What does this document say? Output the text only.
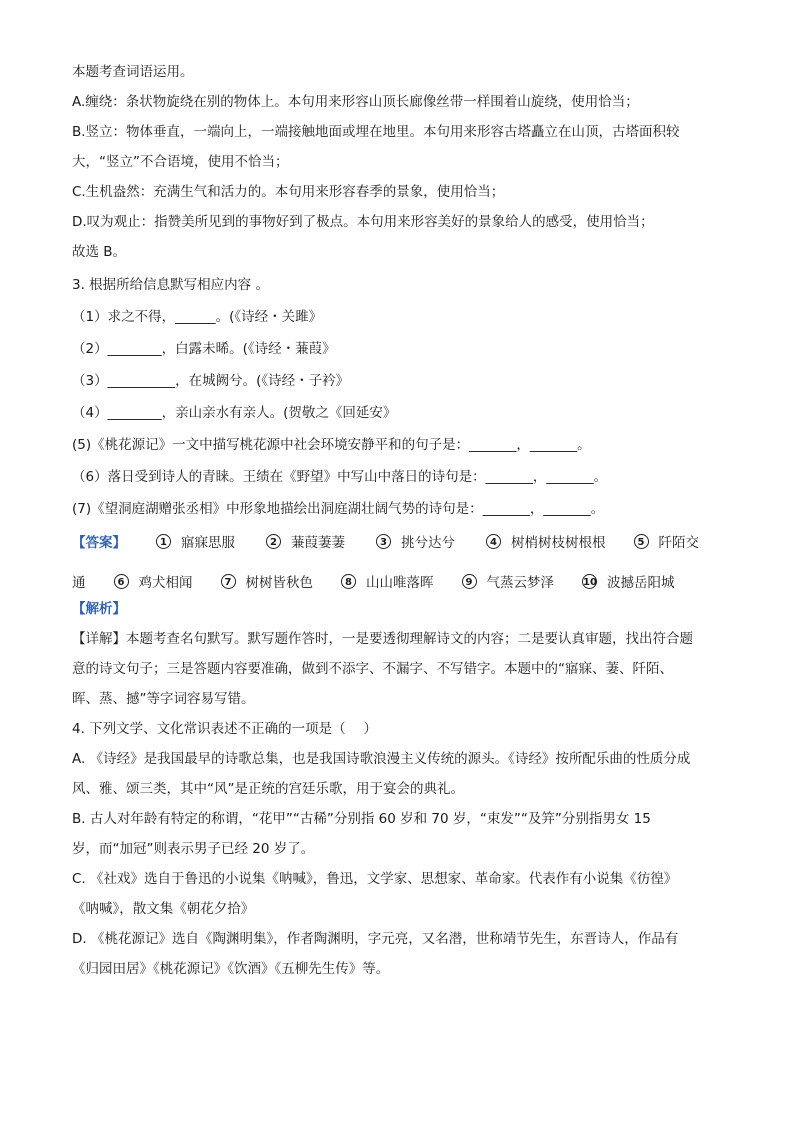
本题考查词语运用。

A.缠绕：条状物旋绕在别的物体上。本句用来形容山顶长廊像丝带一样围着山旋绕，使用恰当；

B.竖立：物体垂直，一端向上，一端接触地面或埋在地里。本句用来形容古塔矗立在山顶，古塔面积较

大，“竖立”不合语境，使用不恰当；

C.生机盎然：充满生气和活力的。本句用来形容春季的景象，使用恰当；

D.叹为观止：指赞美所见到的事物好到了极点。本句用来形容美好的景象给人的感受，使用恰当；

故选 B。

3. 根据所给信息默写相应内容 。

（1）求之不得，______。(《诗经・关雎》

（2）________，白露未晞。(《诗经・蒹葭》

（3）__________，在城阙兮。(《诗经・子衿》

（4）________，亲山亲水有亲人。(贺敬之《回延安》

(5)《桃花源记》一文中描写桃花源中社会环境安静平和的句子是：_______，_______。

（6）落日受到诗人的青睐。王绩在《野望》中写山中落日的诗句是：_______，_______。

(7)《望洞庭湖赠张丞相》中形象地描绘出洞庭湖壮阔气势的诗句是：_______，_______。

【答案】	1 寤寐思服	2 蒹葭萋萋	3 挑兮达兮	4 树梢树枝树根根	5 阡陌交
通	6 鸡犬相闻	7 树树皆秋色	8 山山唯落晖	9 气蒸云梦泽	10 波撼岳阳城
【解析】

【详解】本题考查名句默写。默写题作答时，一是要透彻理解诗文的内容；二是要认真审题，找出符合题

意的诗文句子；三是答题内容要准确，做到不添字、不漏字、不写错字。本题中的“寤寐、萋、阡陌、

晖、蒸、撼”等字词容易写错。

4. 下列文学、文化常识表述不正确的一项是（　 ）

A. 《诗经》是我国最早的诗歌总集，也是我国诗歌浪漫主义传统的源头。《诗经》按所配乐曲的性质分成

风、雅、颂三类，其中“风”是正统的宫廷乐歌，用于宴会的典礼。

B. 古人对年龄有特定的称谓，“花甲”“古稀”分别指 60 岁和 70 岁，“束发”“及笄”分别指男女 15

岁，而“加冠”则表示男子已经 20 岁了。

C. 《社戏》选自于鲁迅的小说集《呐喊》，鲁迅，文学家、思想家、革命家。代表作有小说集《彷徨》

《呐喊》，散文集《朝花夕拾》

D. 《桃花源记》选自《陶渊明集》，作者陶渊明，字元亮，又名潜，世称靖节先生，东晋诗人，作品有

《归园田居》《桃花源记》《饮酒》《五柳先生传》等。
